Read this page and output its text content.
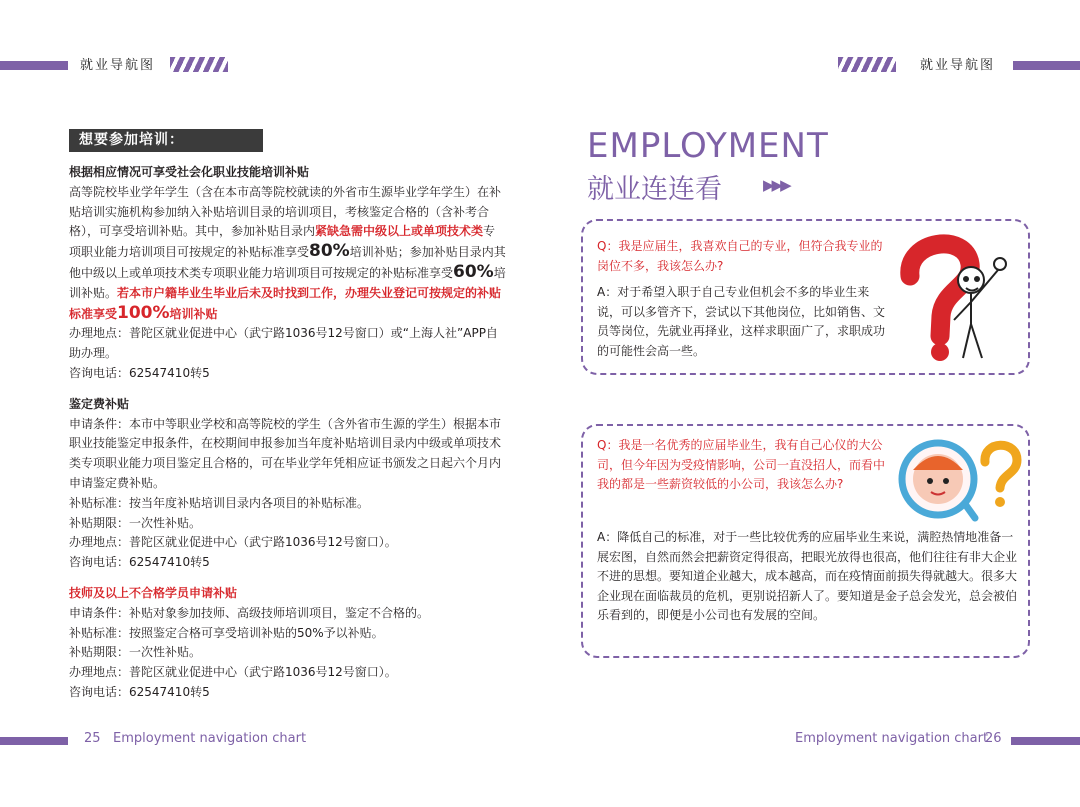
就业导航图	就业导航图
想要参加培训：

根据相应情况可享受社会化职业技能培训补贴

高等院校毕业学年学生（含在本市高等院校就读的外省市生源毕业学年学生）在补贴培训实施机构参加纳入补贴培训目录的培训项目，考核鉴定合格的（含补考合格），可享受培训补贴。其中，参加补贴目录内紧缺急需中级以上或单项技术类专项职业能力培训项目可按规定的补贴标准享受80%培训补贴；参加补贴目录内其他中级以上或单项技术类专项职业能力培训项目可按规定的补贴标准享受60%培训补贴。若本市户籍毕业生毕业后未及时找到工作，办理失业登记可按规定的补贴标准享受100%培训补贴

办理地点：普陀区就业促进中心（武宁路1036号12号窗口）或“上海人社”APP自助办理。

咨询电话：62547410转5

鉴定费补贴

申请条件：本市中等职业学校和高等院校的学生（含外省市生源的学生）根据本市职业技能鉴定申报条件，在校期间申报参加当年度补贴培训目录内中级或单项技术类专项职业能力项目鉴定且合格的，可在毕业学年凭相应证书颁发之日起六个月内申请鉴定费补贴。

补贴标准：按当年度补贴培训目录内各项目的补贴标准。

补贴期限：一次性补贴。

办理地点：普陀区就业促进中心（武宁路1036号12号窗口）。

咨询电话：62547410转5

技师及以上不合格学员申请补贴

申请条件：补贴对象参加技师、高级技师培训项目，鉴定不合格的。

补贴标准：按照鉴定合格可享受培训补贴的50%予以补贴。

补贴期限：一次性补贴。

办理地点：普陀区就业促进中心（武宁路1036号12号窗口）。

咨询电话：62547410转5

EMPLOYMENT
就业连连看	▶▶▶
Q：我是应届生，我喜欢自己的专业，但符合我专业的岗位不多，我该怎么办?
A：对于希望入职于自己专业但机会不多的毕业生来说，可以多管齐下，尝试以下其他岗位，比如销售、文员等岗位，先就业再择业，这样求职面广了，求职成功的可能性会高一些。
Q：我是一名优秀的应届毕业生，我有自己心仪的大公司，但今年因为受疫情影响，公司一直没招人，而看中我的都是一些薪资较低的小公司，我该怎么办?
A：降低自己的标准，对于一些比较优秀的应届毕业生来说，满腔热情地准备一展宏图，自然而然会把薪资定得很高，把眼光放得也很高，他们往往有非大企业不进的思想。要知道企业越大，成本越高，而在疫情面前损失得就越大。很多大企业现在面临裁员的危机，更别说招新人了。要知道是金子总会发光，总会被伯乐看到的，即便是小公司也有发展的空间。
25 Employment navigation chart	Employment navigation chart
26
